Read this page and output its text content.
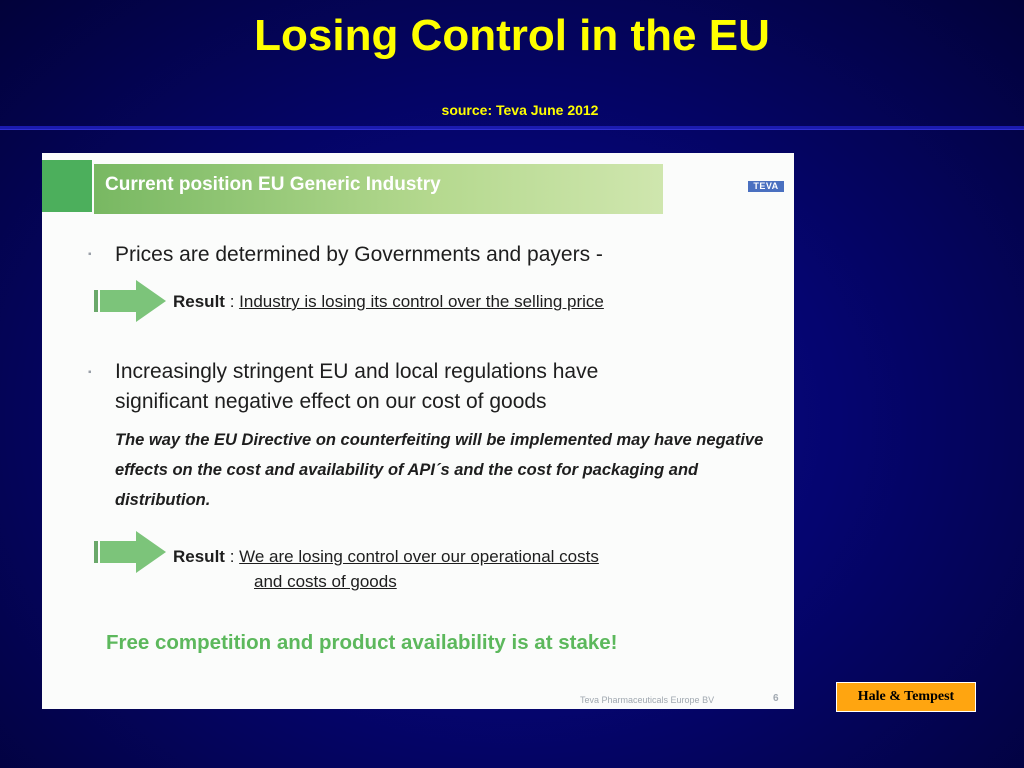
Losing Control in the EU
source: Teva June 2012
Current position EU Generic Industry	TEVA
▪ Prices are determined by Governments and payers -
Result : Industry is losing its control over the selling price
▪ Increasingly stringent EU and local regulations have
significant negative effect on our cost of goods
The way the EU Directive on counterfeiting will be implemented may have negative effects on the cost and availability of API´s and the cost for packaging and distribution.
Result : We are losing control over our operational costs
and costs of goods
Free competition and product availability is at stake!
Teva Pharmaceuticals Europe BV	6	Hale & Tempest
